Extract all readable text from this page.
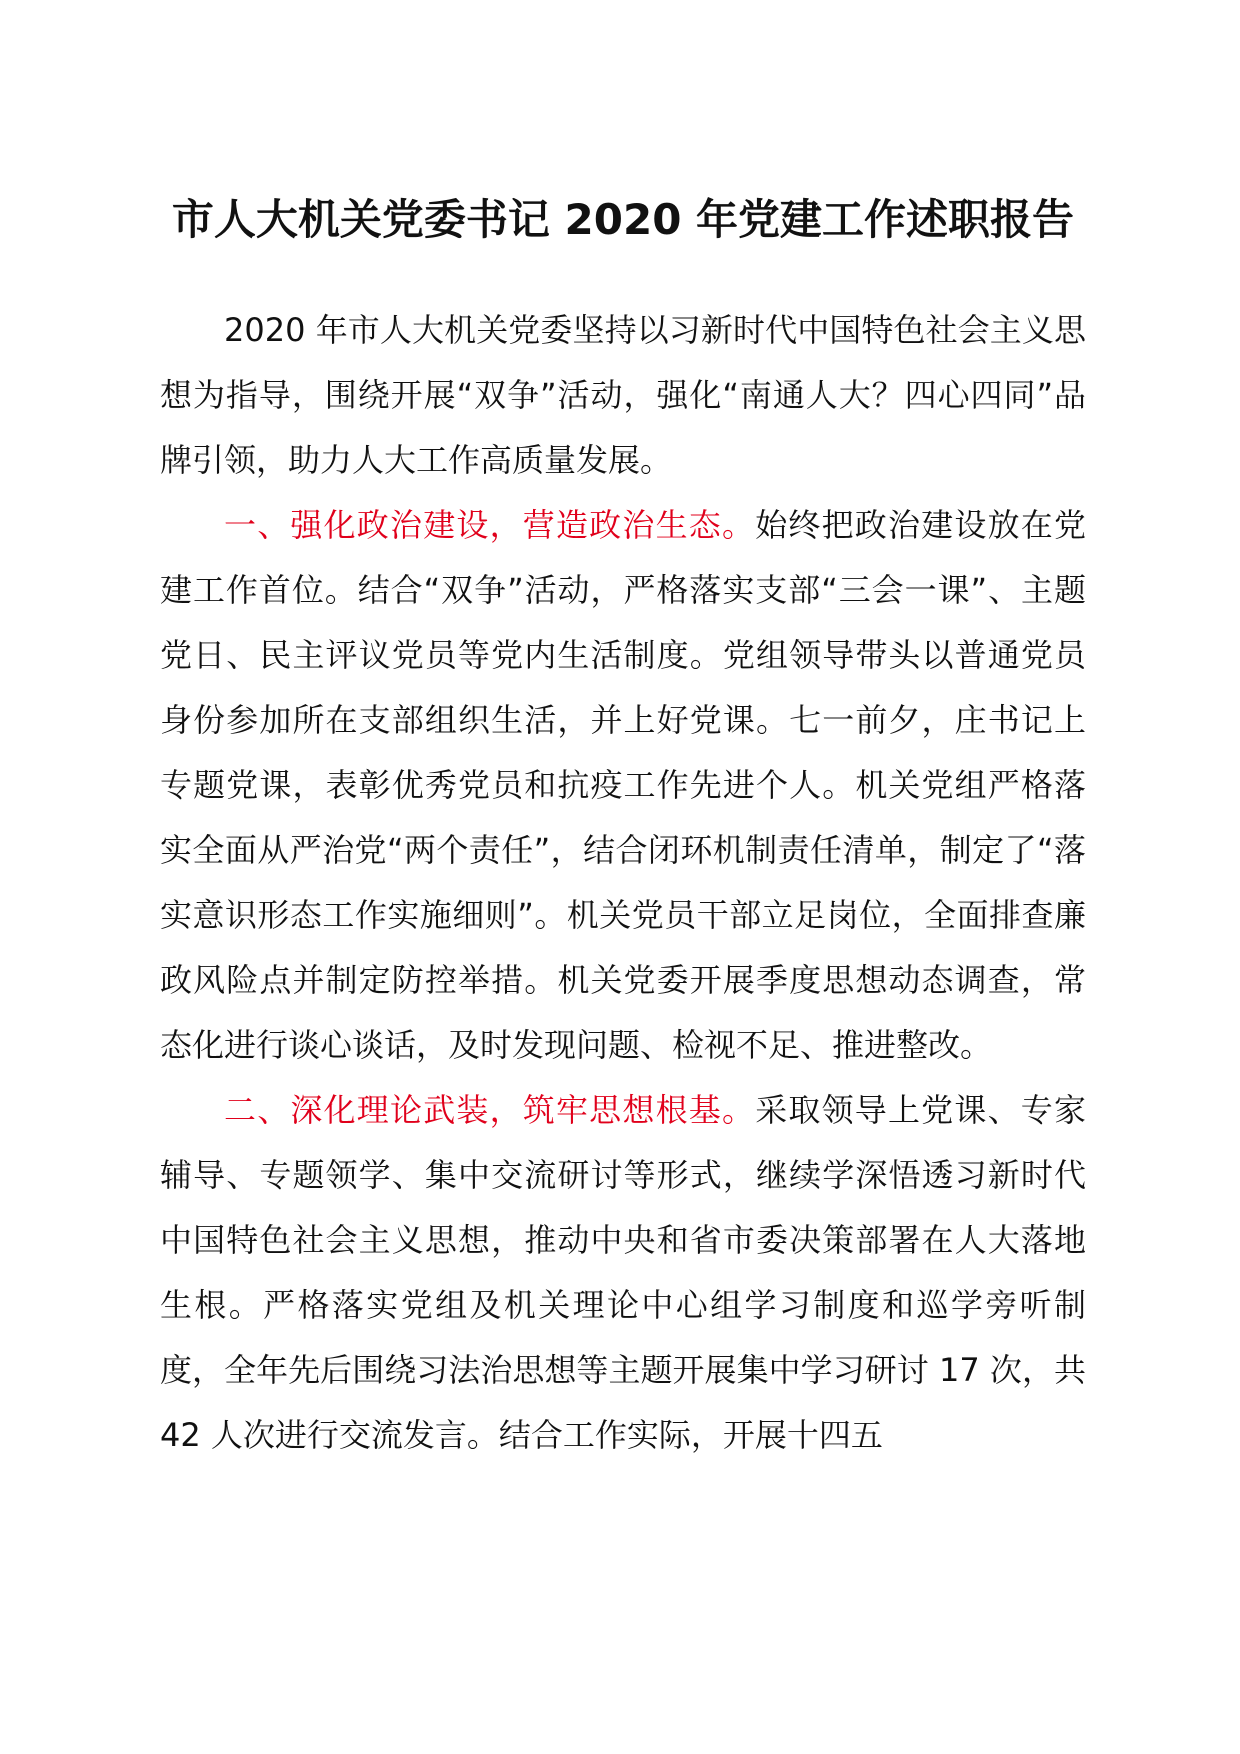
市人大机关党委书记 2020 年党建工作述职报告

2020 年市人大机关党委坚持以习新时代中国特色社会主义思想为指导，围绕开展“双争”活动，强化“南通人大？四心四同”品牌引领，助力人大工作高质量发展。

一、强化政治建设，营造政治生态。始终把政治建设放在党建工作首位。结合“双争”活动，严格落实支部“三会一课”、主题党日、民主评议党员等党内生活制度。党组领导带头以普通党员身份参加所在支部组织生活，并上好党课。七一前夕，庄书记上专题党课，表彰优秀党员和抗疫工作先进个人。机关党组严格落实全面从严治党“两个责任”，结合闭环机制责任清单，制定了“落实意识形态工作实施细则”。机关党员干部立足岗位，全面排查廉政风险点并制定防控举措。机关党委开展季度思想动态调查，常态化进行谈心谈话，及时发现问题、检视不足、推进整改。

二、深化理论武装，筑牢思想根基。采取领导上党课、专家辅导、专题领学、集中交流研讨等形式，继续学深悟透习新时代中国特色社会主义思想，推动中央和省市委决策部署在人大落地生根。严格落实党组及机关理论中心组学习制度和巡学旁听制度，全年先后围绕习法治思想等主题开展集中学习研讨 17 次，共 42 人次进行交流发言。结合工作实际，开展十四五
